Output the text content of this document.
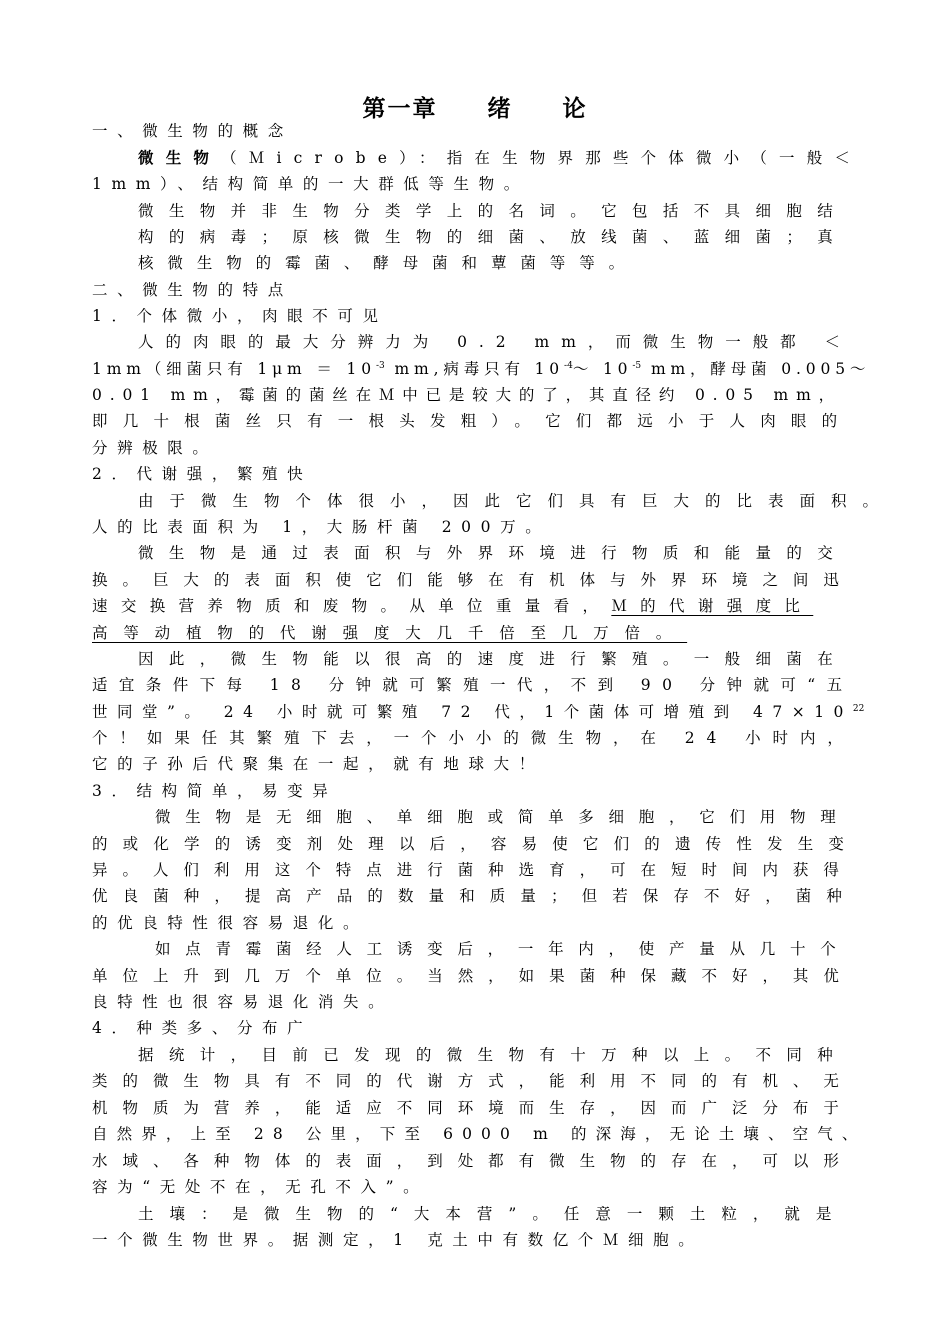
第一章　　绪　　论
一、微生物的概念
微生物（Ｍicrobe）：指在生物界那些个体微小（一般＜
1mm）、结构简单的一大群低等生物。
微生物并非生物分类学上的名词。它包括不具细胞结
构的病毒；原核微生物的细菌、放线菌、蓝细菌；真
核微生物的霉菌、酵母菌和蕈菌等等。
二、微生物的特点
1．个体微小，肉眼不可见
人的肉眼的最大分辨力为 0.2 mm，而微生物一般都 ＜
1mm（细菌只有 $1\mu m = 10^{-3}$ mm,病毒只有 $10^{-4}\sim$ $10^{-5}$ mm，酵母菌 0.005～
0.01 mm，霉菌的菌丝在Ｍ中已是较大的了，其直径约 0.05 mm，
即几十根菌丝只有一根头发粗）。它们都远小于人肉眼的
分辨极限。
2．代谢强，繁殖快
由于微生物个体很小，因此它们具有巨大的比表面积。
人的比表面积为 1，大肠杆菌 200万。
微生物是通过表面积与外界环境进行物质和能量的交
换。巨大的表面积使它们能够在有机体与外界环境之间迅
速交换营养物质和废物。从单位重量看，Ｍ的代谢强度比
高等动植物的代谢强度大几千倍至几万倍。
因此，微生物能以很高的速度进行繁殖。一般细菌在
适宜条件下每 18 分钟就可繁殖一代，不到 90 分钟就可“五
世同堂”。 24 小时就可繁殖 72 代，1个菌体可增殖到 $47\times 10^{22}$
个！如果任其繁殖下去，一个小小的微生物，在 24 小时内，
它的子孙后代聚集在一起，就有地球大！
3．结构简单，易变异
微生物是无细胞、单细胞或简单多细胞，它们用物理
的或化学的诱变剂处理以后，容易使它们的遗传性发生变
异。人们利用这个特点进行菌种选育，可在短时间内获得
优良菌种，提高产品的数量和质量；但若保存不好，菌种
的优良特性很容易退化。
如点青霉菌经人工诱变后，一年内，使产量从几十个
单位上升到几万个单位。当然，如果菌种保藏不好，其优
良特性也很容易退化消失。
4．种类多、分布广
据统计，目前已发现的微生物有十万种以上。不同种
类的微生物具有不同的代谢方式，能利用不同的有机、无
机物质为营养，能适应不同环境而生存，因而广泛分布于
自然界，上至 28 公里，下至 6000 m 的深海，无论土壤、空气、
水域、各种物体的表面，到处都有微生物的存在，可以形
容为“无处不在，无孔不入”。
土壤：是微生物的“大本营”。任意一颗土粒，就是
一个微生物世界。据测定，1 克土中有数亿个Ｍ细胞。
